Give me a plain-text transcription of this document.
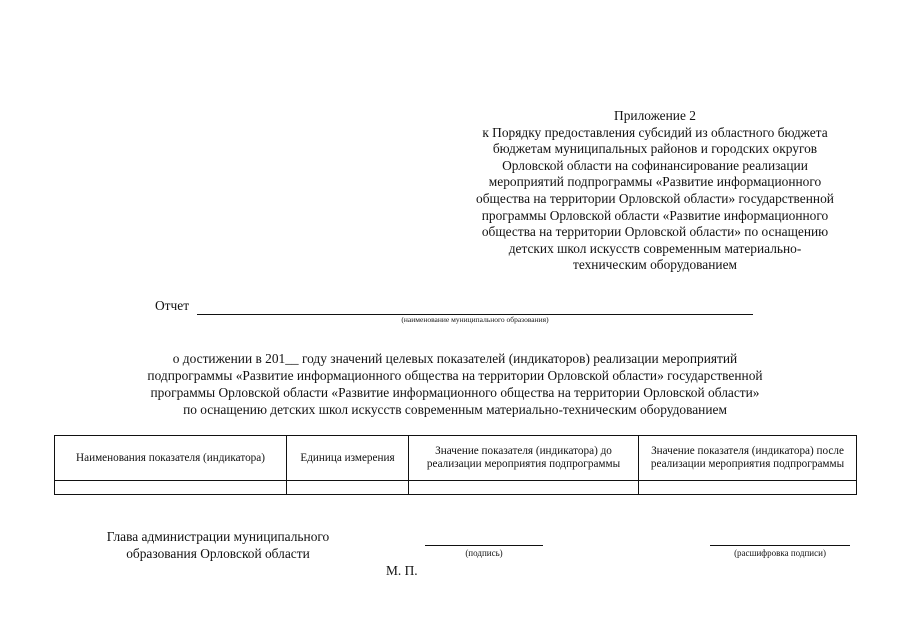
Приложение 2
к Порядку предоставления субсидий из областного бюджета
бюджетам муниципальных районов и городских округов
Орловской области на софинансирование реализации
мероприятий подпрограммы «Развитие информационного
общества на территории Орловской области» государственной
программы Орловской области «Развитие информационного
общества на территории Орловской области» по оснащению
детских школ искусств современным материально-
техническим оборудованием
Отчет
(наименование муниципального образования)
о достижении в 201__ году значений целевых показателей (индикаторов) реализации мероприятий
подпрограммы «Развитие информационного общества на территории Орловской области» государственной
программы Орловской области «Развитие информационного общества на территории Орловской области»
по оснащению детских школ искусств современным материально-техническим оборудованием
Наименования показателя (индикатора)	Единица измерения	Значение показателя (индикатора) до реализации мероприятия подпрограммы	Значение показателя (индикатора) после реализации мероприятия подпрограммы

Глава администрации муниципального
образования Орловской области	(подпись)	(расшифровка подписи)
М. П.
